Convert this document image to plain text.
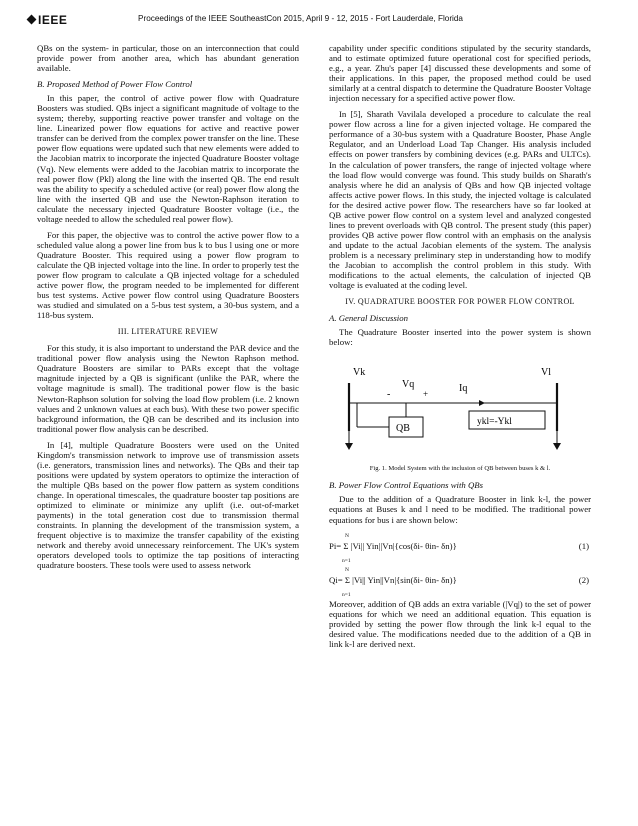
IEEE	Proceedings of the IEEE SoutheastCon 2015, April 9 - 12, 2015 - Fort Lauderdale, Florida

QBs on the system- in particular, those on an interconnection that could provide power from another area, which has abundant generation available.

B. Proposed Method of Power Flow Control

In this paper, the control of active power flow with Quadrature Boosters was studied. QBs inject a significant magnitude of voltage to the system; thereby, supporting reactive power transfer and voltage on the line. Linearized power flow equations for active and reactive power transfer can be derived from the complex power transfer on the line. These power flow equations were updated such that new elements were added to the Jacobian matrix to incorporate the injected Quadrature Booster voltage (Vq). New elements were added to the Jacobian matrix to incorporate the real power flow (Pkl) along the line with the inserted QB. The end result was the ability to specify a scheduled active (or real) power flow along the line with the inserted QB and use the Newton-Raphson iteration to calculate the necessary injected Quadrature Booster voltage (i.e., the voltage needed to allow the scheduled real power flow).

For this paper, the objective was to control the active power flow to a scheduled value along a power line from bus k to bus l using one or more Quadrature Booster. This required using a power flow program to calculate the QB injected voltage into the line. In order to properly test the power flow program to calculate a QB injected voltage for a scheduled active power flow, the program needed to be implemented for different bus test systems. Active power flow control using Quadrature Boosters was studied and simulated on a 5-bus test system, a 30-bus system, and a 118-bus system.

III. LITERATURE REVIEW

For this study, it is also important to understand the PAR device and the traditional power flow analysis using the Newton Raphson method. Quadrature Boosters are similar to PARs except that the voltage magnitude injected by a QB is significant (unlike the PAR, where the voltage magnitude is small). The traditional power flow is the basic Newton-Raphson solution for solving the load flow problem (i.e. 2 known values and 2 unknown values at each bus). With these two power specific background information, the QB can be described and its inclusion into traditional power flow analysis can be described.

In [4], multiple Quadrature Boosters were used on the United Kingdom's transmission network to improve use of transmission assets (i.e. generators, transmission lines and networks). The QBs and their tap positions were updated by system operators to optimize the interaction of the multiple QBs based on the power flow pattern as system conditions change. In operational timescales, the quadrature booster tap positions are optimized to eliminate or minimize any uplift (i.e. out-of-market payments) in the total generation cost due to transmission thermal constraints. In planning the development of the transmission system, a frequent objective is to maximize the transfer capability of the existing network and thereby avoid unnecessary reinforcement. The UK's system operators developed tools to optimize the tap positions of interacting quadrature boosters. These tools were used to assess network

capability under specific conditions stipulated by the security standards, and to estimate optimized future operational cost for specified periods, e.g., a year. Zhu's paper [4] discussed these developments and some of their applications. In this paper, the proposed method could be used similarly at a central dispatch to determine the Quadrature Booster Voltage injection necessary for a specified active power flow.

In [5], Sharath Vavilala developed a procedure to calculate the real power flow across a line for a given injected voltage. He compared the performance of a 30-bus system with a Quadrature Booster, Phase Angle Regulator, and an Underload Load Tap Changer. His analysis included effects on power transfers by combining devices (e.g. PARs and ULTCs). In the calculation of power transfers, the range of injected voltage where the load flow would converge was found. This study builds on Sharath's analysis where he did an analysis of QBs and how QB injected voltage affects active power flows. In this study, the injected voltage is calculated for the desired active power flow. The researchers have so far looked at QB active power flow control on a system level and analyzed congested lines to prevent overloads with QB control. The present study (this paper) provides QB active power flow control with an emphasis on the analysis and update to the actual Jacobian elements of the system. The analysis problem is a necessary preliminary step in understanding how to modify the Jacobian to accomplish the control problem in this study. With modifications to the actual elements, the calculation of injected QB voltage is evaluated at the coding level.

IV. QUADRATURE BOOSTER FOR POWER FLOW CONTROL
A. General Discussion

The Quadrature Booster inserted into the power system is shown below:

Vk
Vq	Iq
Vl
-	+
QB
ykl=-Ykl
Fig. 1. Model System with the inclusion of QB between buses k & l.
B. Power Flow Control Equations with QBs

Due to the addition of a Quadrature Booster in link k-l, the power equations at Buses k and l need to be modified. The traditional power equations for bus i are shown below:

N
Pi= Σ |Vi|| Yin||Vn|{cos(δi- θin- δn)}
n=1
(1)
N
Qi= Σ |Vi|| Yin||Vn|{sin(δi- θin- δn)}
n=1
(2)

Moreover, addition of QB adds an extra variable (|Vq|) to the set of power equations for which we need an additional equation. This equation is provided by setting the power flow through the link k-l equal to the desired value. The modifications needed due to the addition of a QB in link k-l are derived next.
